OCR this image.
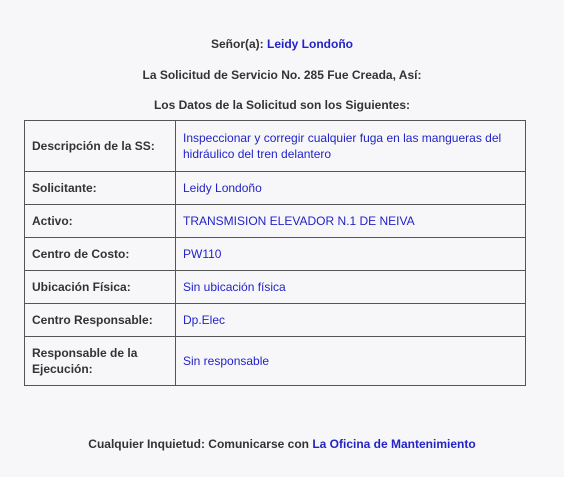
Señor(a): Leidy Londoño
La Solicitud de Servicio No. 285 Fue Creada, Así:
Los Datos de la Solicitud son los Siguientes:
Descripción de la SS:	Inspeccionar y corregir cualquier fuga en las mangueras del hidráulico del tren delantero
Solicitante:	Leidy Londoño
Activo:	TRANSMISION ELEVADOR N.1 DE NEIVA
Centro de Costo:	PW110
Ubicación Física:	Sin ubicación física
Centro Responsable:	Dp.Elec
Responsable de la Ejecución:	Sin responsable
Cualquier Inquietud: Comunicarse con La Oficina de Mantenimiento
